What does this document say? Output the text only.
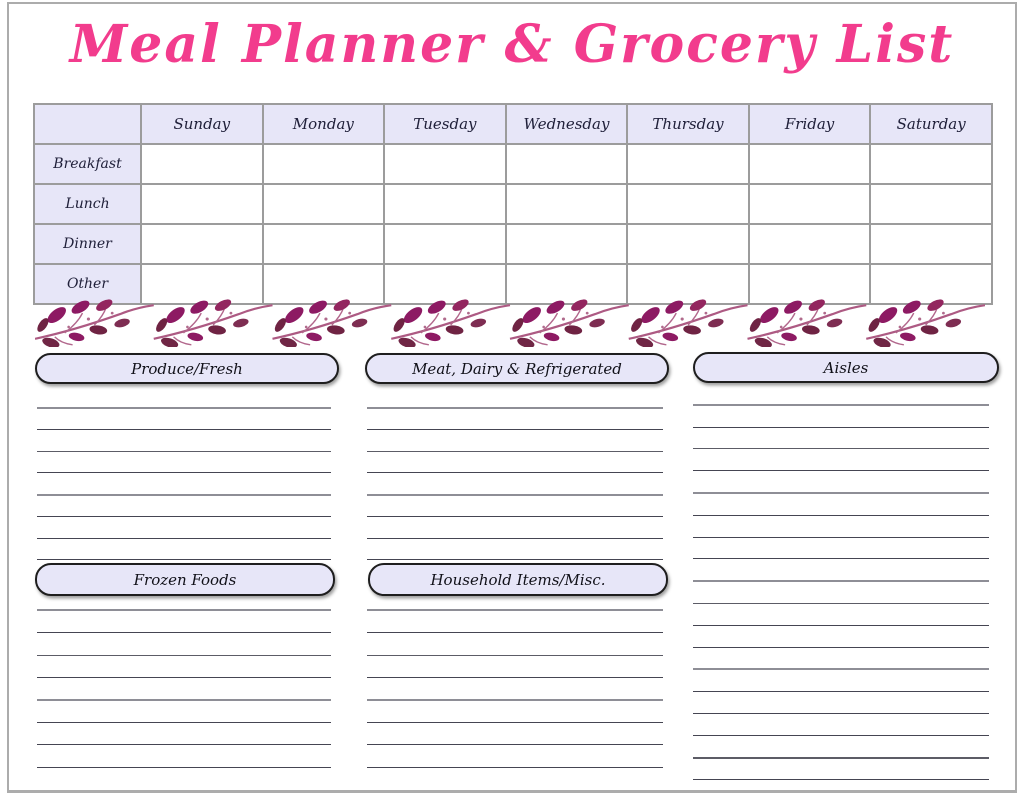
Meal Planner & Grocery List
	Sunday	Monday	Tuesday	Wednesday	Thursday	Friday	Saturday
Breakfast							
Lunch							
Dinner							
Other							
Produce/Fresh	Meat, Dairy & Refrigerated	Aisles
Frozen Foods	Household Items/Misc.
